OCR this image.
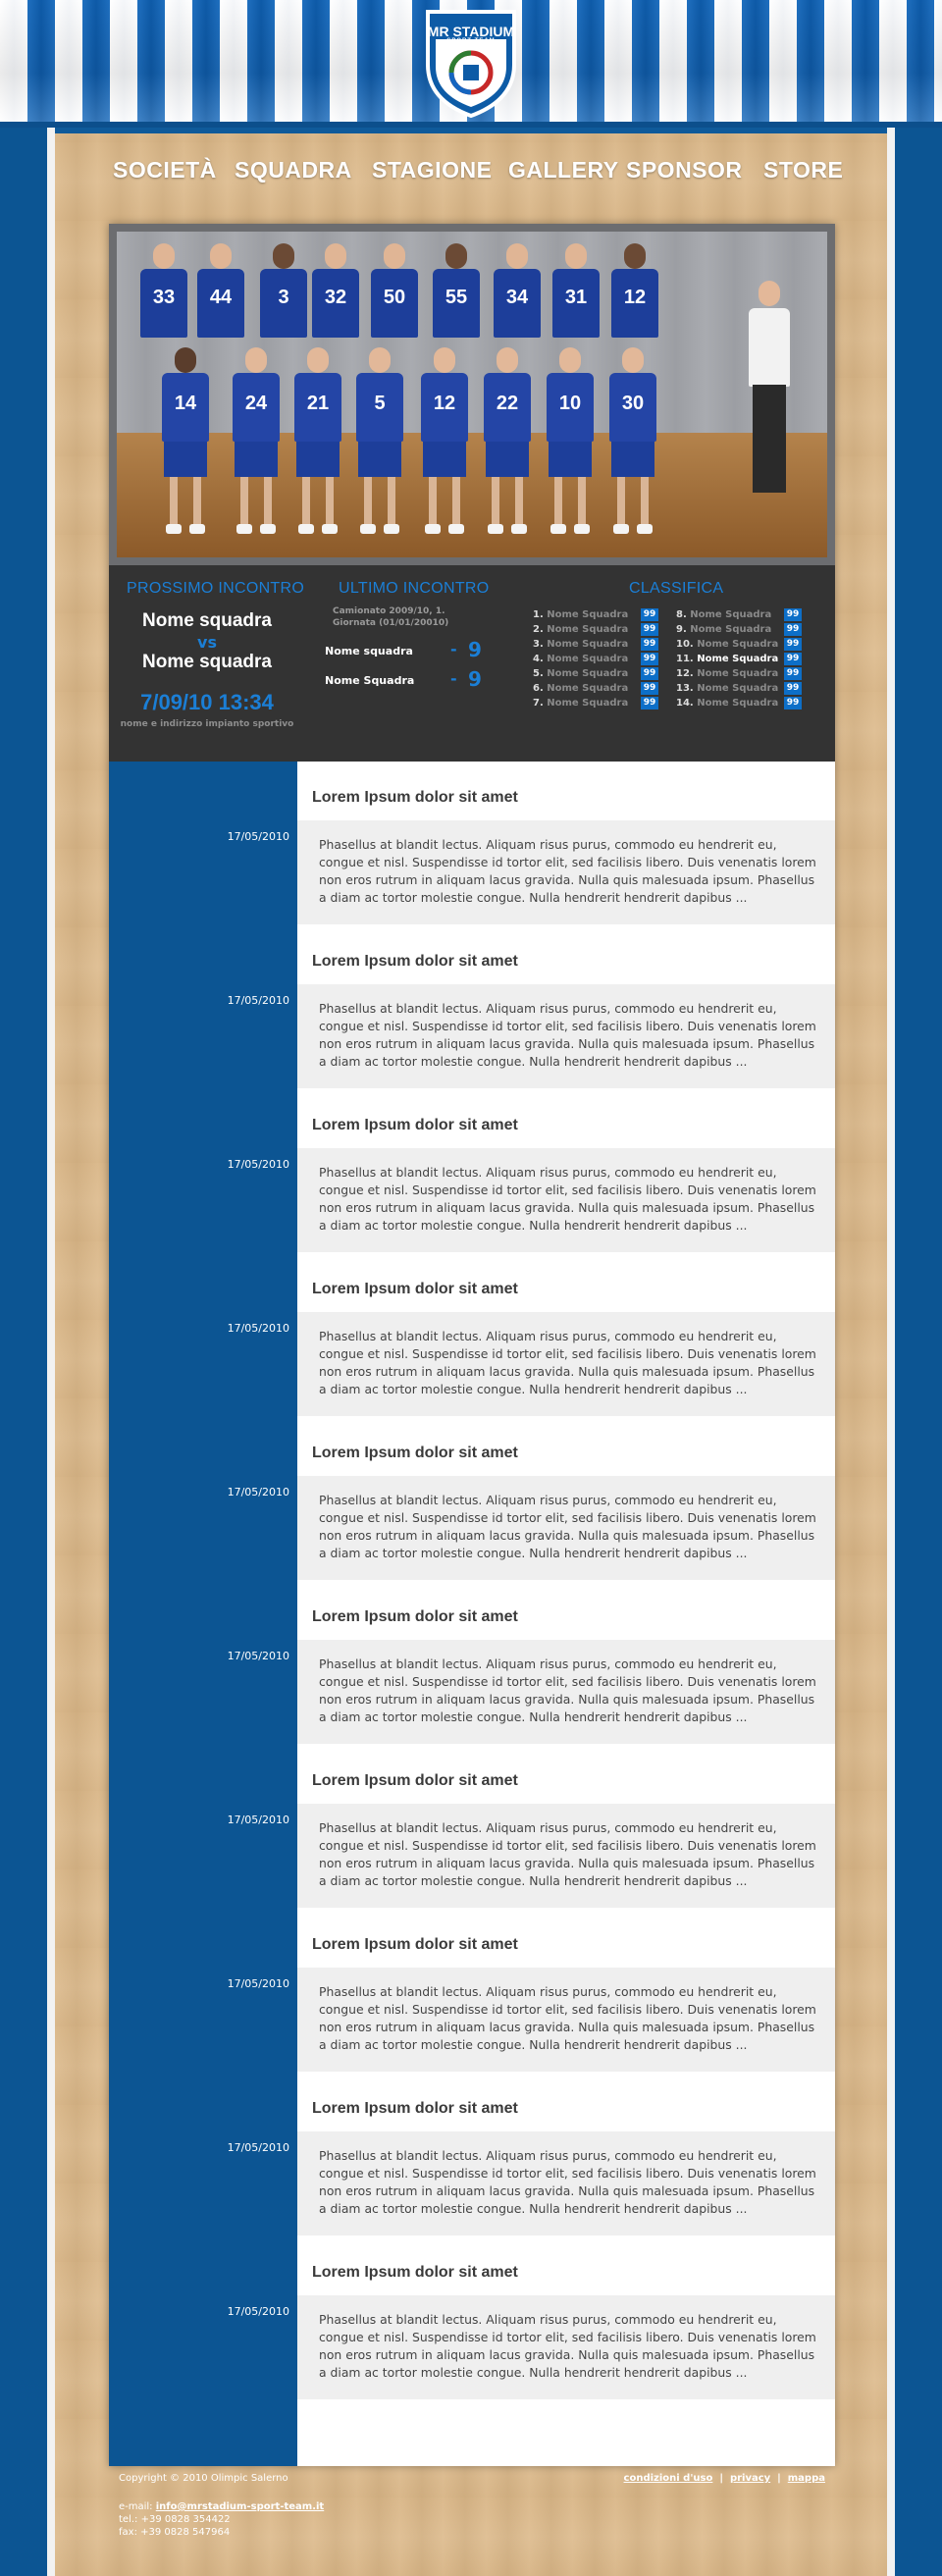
MR STADIUM
SPORT TEAM
SOCIETÀ SQUADRA STAGIONE GALLERY SPONSOR STORE
33	44	3	32	50	55	34	31	12
14	24	21	5	12	22	10	30
PROSSIMO INCONTRO
Nome squadra
vs
Nome squadra
7/09/10 13:34
nome e indirizzo impianto sportivo
ULTIMO INCONTRO
Camionato 2009/10, 1.
Giornata (01/01/20010)
Nome squadra - 9
Nome Squadra - 9
CLASSIFICA
1. Nome Squadra	99
2. Nome Squadra	99
3. Nome Squadra	99
4. Nome Squadra	99
5. Nome Squadra	99
6. Nome Squadra	99
7. Nome Squadra	99
8. Nome Squadra	99
9. Nome Squadra	99
10. Nome Squadra 99
11. Nome Squadra 99
12. Nome Squadra 99
13. Nome Squadra 99
14. Nome Squadra 99
Lorem Ipsum dolor sit amet
Phasellus at blandit lectus. Aliquam risus purus, commodo eu hendrerit eu, congue et nisl. Suspendisse id tortor elit, sed facilisis libero. Duis venenatis lorem non eros rutrum in aliquam lacus gravida. Nulla quis malesuada ipsum. Phasellus a diam ac tortor molestie congue. Nulla hendrerit hendrerit dapibus ...
17/05/2010
Lorem Ipsum dolor sit amet
Phasellus at blandit lectus. Aliquam risus purus, commodo eu hendrerit eu, congue et nisl. Suspendisse id tortor elit, sed facilisis libero. Duis venenatis lorem non eros rutrum in aliquam lacus gravida. Nulla quis malesuada ipsum. Phasellus a diam ac tortor molestie congue. Nulla hendrerit hendrerit dapibus ...
17/05/2010
Lorem Ipsum dolor sit amet
Phasellus at blandit lectus. Aliquam risus purus, commodo eu hendrerit eu, congue et nisl. Suspendisse id tortor elit, sed facilisis libero. Duis venenatis lorem non eros rutrum in aliquam lacus gravida. Nulla quis malesuada ipsum. Phasellus a diam ac tortor molestie congue. Nulla hendrerit hendrerit dapibus ...
17/05/2010
Lorem Ipsum dolor sit amet
Phasellus at blandit lectus. Aliquam risus purus, commodo eu hendrerit eu, congue et nisl. Suspendisse id tortor elit, sed facilisis libero. Duis venenatis lorem non eros rutrum in aliquam lacus gravida. Nulla quis malesuada ipsum. Phasellus a diam ac tortor molestie congue. Nulla hendrerit hendrerit dapibus ...
17/05/2010
Lorem Ipsum dolor sit amet
Phasellus at blandit lectus. Aliquam risus purus, commodo eu hendrerit eu, congue et nisl. Suspendisse id tortor elit, sed facilisis libero. Duis venenatis lorem non eros rutrum in aliquam lacus gravida. Nulla quis malesuada ipsum. Phasellus a diam ac tortor molestie congue. Nulla hendrerit hendrerit dapibus ...
17/05/2010
Lorem Ipsum dolor sit amet
Phasellus at blandit lectus. Aliquam risus purus, commodo eu hendrerit eu, congue et nisl. Suspendisse id tortor elit, sed facilisis libero. Duis venenatis lorem non eros rutrum in aliquam lacus gravida. Nulla quis malesuada ipsum. Phasellus a diam ac tortor molestie congue. Nulla hendrerit hendrerit dapibus ...
17/05/2010
Lorem Ipsum dolor sit amet
Phasellus at blandit lectus. Aliquam risus purus, commodo eu hendrerit eu, congue et nisl. Suspendisse id tortor elit, sed facilisis libero. Duis venenatis lorem non eros rutrum in aliquam lacus gravida. Nulla quis malesuada ipsum. Phasellus a diam ac tortor molestie congue. Nulla hendrerit hendrerit dapibus ...
17/05/2010
Lorem Ipsum dolor sit amet
Phasellus at blandit lectus. Aliquam risus purus, commodo eu hendrerit eu, congue et nisl. Suspendisse id tortor elit, sed facilisis libero. Duis venenatis lorem non eros rutrum in aliquam lacus gravida. Nulla quis malesuada ipsum. Phasellus a diam ac tortor molestie congue. Nulla hendrerit hendrerit dapibus ...
17/05/2010
Lorem Ipsum dolor sit amet
Phasellus at blandit lectus. Aliquam risus purus, commodo eu hendrerit eu, congue et nisl. Suspendisse id tortor elit, sed facilisis libero. Duis venenatis lorem non eros rutrum in aliquam lacus gravida. Nulla quis malesuada ipsum. Phasellus a diam ac tortor molestie congue. Nulla hendrerit hendrerit dapibus ...
17/05/2010
Lorem Ipsum dolor sit amet
Phasellus at blandit lectus. Aliquam risus purus, commodo eu hendrerit eu, congue et nisl. Suspendisse id tortor elit, sed facilisis libero. Duis venenatis lorem non eros rutrum in aliquam lacus gravida. Nulla quis malesuada ipsum. Phasellus a diam ac tortor molestie congue. Nulla hendrerit hendrerit dapibus ...
17/05/2010
Copyright © 2010 Olimpic Salerno	condizioni d'uso | privacy | mappa
e-mail: info@mrstadium-sport-team.it
tel.: +39 0828 354422
fax: +39 0828 547964
